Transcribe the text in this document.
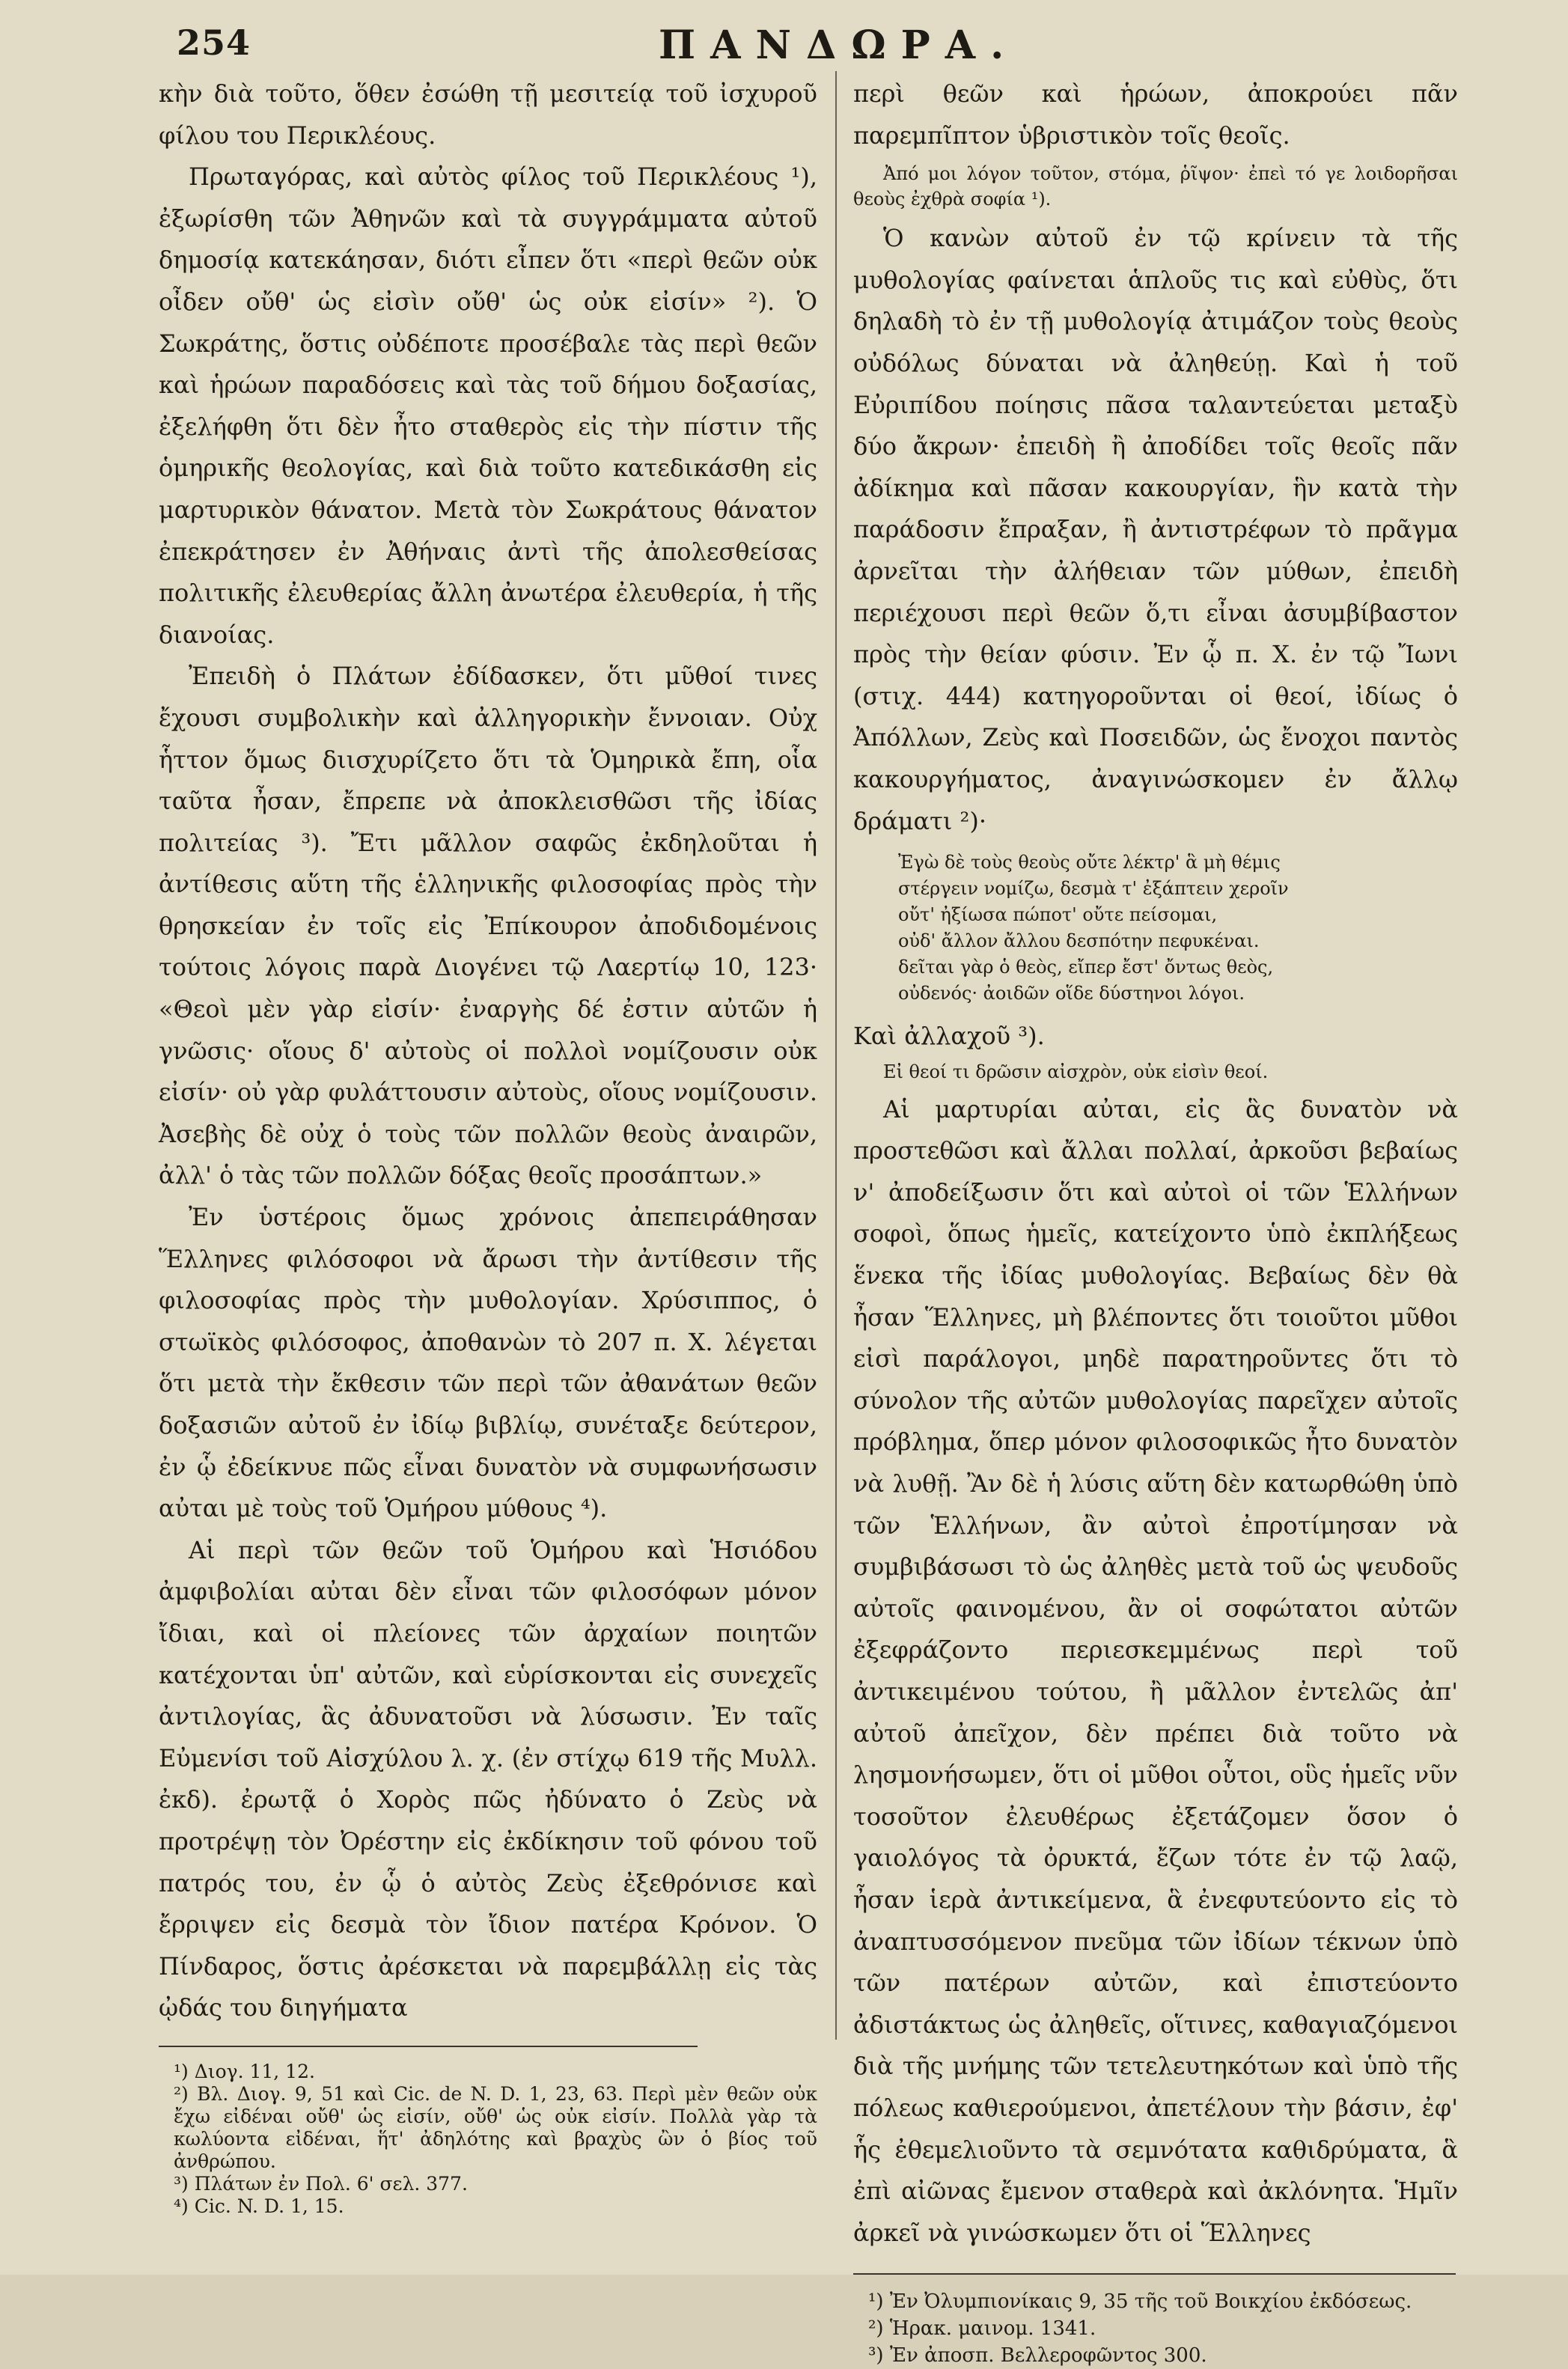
254	ΠΑΝΔΩΡΑ.

κὴν διὰ τοῦτο, ὅθεν ἐσώθη τῇ μεσιτείᾳ τοῦ ἰσχυροῦ φίλου του Περικλέους.

Πρωταγόρας, καὶ αὐτὸς φίλος τοῦ Περικλέους ¹), ἐξωρίσθη τῶν Ἀθηνῶν καὶ τὰ συγγράμματα αὐτοῦ δημοσίᾳ κατεκάησαν, διότι εἶπεν ὅτι «περὶ θεῶν οὐκ οἶδεν οὔθ' ὡς εἰσὶν οὔθ' ὡς οὐκ εἰσίν» ²). Ὁ Σωκράτης, ὅστις οὐδέποτε προσέβαλε τὰς περὶ θεῶν καὶ ἡρώων παραδόσεις καὶ τὰς τοῦ δήμου δοξασίας, ἐξελήφθη ὅτι δὲν ἦτο σταθερὸς εἰς τὴν πίστιν τῆς ὁμηρικῆς θεολογίας, καὶ διὰ τοῦτο κατεδικάσθη εἰς μαρτυρικὸν θάνατον. Μετὰ τὸν Σωκράτους θάνατον ἐπεκράτησεν ἐν Ἀθήναις ἀντὶ τῆς ἀπολεσθείσας πολιτικῆς ἐλευθερίας ἄλλη ἀνωτέρα ἐλευθερία, ἡ τῆς διανοίας.

Ἐπειδὴ ὁ Πλάτων ἐδίδασκεν, ὅτι μῦθοί τινες ἔχουσι συμβολικὴν καὶ ἀλληγορικὴν ἔννοιαν. Οὐχ ἧττον ὅμως διισχυρίζετο ὅτι τὰ Ὁμηρικὰ ἔπη, οἷα ταῦτα ἦσαν, ἔπρεπε νὰ ἀποκλεισθῶσι τῆς ἰδίας πολιτείας ³). Ἔτι μᾶλλον σαφῶς ἐκδηλοῦται ἡ ἀντίθεσις αὕτη τῆς ἑλληνικῆς φιλοσοφίας πρὸς τὴν θρησκείαν ἐν τοῖς εἰς Ἐπίκουρον ἀποδιδομένοις τούτοις λόγοις παρὰ Διογένει τῷ Λαερτίῳ 10, 123· «Θεοὶ μὲν γὰρ εἰσίν· ἐναργὴς δέ ἐστιν αὐτῶν ἡ γνῶσις· οἵους δ' αὐτοὺς οἱ πολλοὶ νομίζουσιν οὐκ εἰσίν· οὐ γὰρ φυλάττουσιν αὐτοὺς, οἵους νομίζουσιν. Ἀσεβὴς δὲ οὐχ ὁ τοὺς τῶν πολλῶν θεοὺς ἀναιρῶν, ἀλλ' ὁ τὰς τῶν πολλῶν δόξας θεοῖς προσάπτων.»

Ἐν ὑστέροις ὅμως χρόνοις ἀπεπειράθησαν Ἕλληνες φιλόσοφοι νὰ ἄρωσι τὴν ἀντίθεσιν τῆς φιλοσοφίας πρὸς τὴν μυθολογίαν. Χρύσιππος, ὁ στωϊκὸς φιλόσοφος, ἀποθανὼν τὸ 207 π. Χ. λέγεται ὅτι μετὰ τὴν ἔκθεσιν τῶν περὶ τῶν ἀθανάτων θεῶν δοξασιῶν αὐτοῦ ἐν ἰδίῳ βιβλίῳ, συνέταξε δεύτερον, ἐν ᾧ ἐδείκνυε πῶς εἶναι δυνατὸν νὰ συμφωνήσωσιν αὐται μὲ τοὺς τοῦ Ὁμήρου μύθους ⁴).

Αἱ περὶ τῶν θεῶν τοῦ Ὁμήρου καὶ Ἡσιόδου ἀμφιβολίαι αὐται δὲν εἶναι τῶν φιλοσόφων μόνον ἴδιαι, καὶ οἱ πλείονες τῶν ἀρχαίων ποιητῶν κατέχονται ὑπ' αὐτῶν, καὶ εὑρίσκονται εἰς συνεχεῖς ἀντιλογίας, ἃς ἀδυνατοῦσι νὰ λύσωσιν. Ἐν ταῖς Εὐμενίσι τοῦ Αἰσχύλου λ. χ. (ἐν στίχῳ 619 τῆς Μυλλ. ἐκδ). ἐρωτᾷ ὁ Χορὸς πῶς ἠδύνατο ὁ Ζεὺς νὰ προτρέψῃ τὸν Ὀρέστην εἰς ἐκδίκησιν τοῦ φόνου τοῦ πατρός του, ἐν ᾧ ὁ αὐτὸς Ζεὺς ἐξεθρόνισε καὶ ἔρριψεν εἰς δεσμὰ τὸν ἴδιον πατέρα Κρόνον. Ὁ Πίνδαρος, ὅστις ἀρέσκεται νὰ παρεμβάλλῃ εἰς τὰς ᾠδάς του διηγήματα

¹) Διογ. 11, 12.

²) Βλ. Διογ. 9, 51 καὶ Cic. de N. D. 1, 23, 63. Περὶ μὲν θεῶν οὐκ ἔχω εἰδέναι οὔθ' ὡς εἰσίν, οὔθ' ὡς οὐκ εἰσίν. Πολλὰ γὰρ τὰ κωλύοντα εἰδέναι, ἥτ' ἀδηλότης καὶ βραχὺς ὢν ὁ βίος τοῦ ἀνθρώπου.

³) Πλάτων ἐν Πολ. 6' σελ. 377.

⁴) Cic. N. D. 1, 15.

περὶ θεῶν καὶ ἡρώων, ἀποκρούει πᾶν παρεμπῖπτον ὑβριστικὸν τοῖς θεοῖς.

Ἀπό μοι λόγον τοῦτον, στόμα, ῥῖψον· ἐπεὶ τό γε λοιδορῆσαι θεοὺς ἐχθρὰ σοφία ¹).

Ὁ κανὼν αὐτοῦ ἐν τῷ κρίνειν τὰ τῆς μυθολογίας φαίνεται ἁπλοῦς τις καὶ εὐθὺς, ὅτι δηλαδὴ τὸ ἐν τῇ μυθολογίᾳ ἀτιμάζον τοὺς θεοὺς οὐδόλως δύναται νὰ ἀληθεύῃ. Καὶ ἡ τοῦ Εὐριπίδου ποίησις πᾶσα ταλαντεύεται μεταξὺ δύο ἄκρων· ἐπειδὴ ἢ ἀποδίδει τοῖς θεοῖς πᾶν ἀδίκημα καὶ πᾶσαν κακουργίαν, ἣν κατὰ τὴν παράδοσιν ἔπραξαν, ἢ ἀντιστρέφων τὸ πρᾶγμα ἀρνεῖται τὴν ἀλήθειαν τῶν μύθων, ἐπειδὴ περιέχουσι περὶ θεῶν ὅ,τι εἶναι ἀσυμβίβαστον πρὸς τὴν θείαν φύσιν. Ἐν ᾧ π. Χ. ἐν τῷ Ἴωνι (στιχ. 444) κατηγοροῦνται οἱ θεοί, ἰδίως ὁ Ἀπόλλων, Ζεὺς καὶ Ποσειδῶν, ὡς ἔνοχοι παντὸς κακουργήματος, ἀναγινώσκομεν ἐν ἄλλῳ δράματι ²)·

Ἐγὼ δὲ τοὺς θεοὺς οὔτε λέκτρ' ἃ μὴ θέμις
στέργειν νομίζω, δεσμὰ τ' ἐξάπτειν χεροῖν
οὔτ' ἠξίωσα πώποτ' οὔτε πείσομαι,
οὐδ' ἄλλον ἄλλου δεσπότην πεφυκέναι.
δεῖται γὰρ ὁ θεὸς, εἴπερ ἔστ' ὄντως θεὸς,
οὐδενός· ἀοιδῶν οἵδε δύστηνοι λόγοι.

Καὶ ἀλλαχοῦ ³).

Εἰ θεοί τι δρῶσιν αἰσχρὸν, οὐκ εἰσὶν θεοί.

Αἱ μαρτυρίαι αὐται, εἰς ἃς δυνατὸν νὰ προστεθῶσι καὶ ἄλλαι πολλαί, ἀρκοῦσι βεβαίως ν' ἀποδείξωσιν ὅτι καὶ αὐτοὶ οἱ τῶν Ἑλλήνων σοφοὶ, ὅπως ἡμεῖς, κατείχοντο ὑπὸ ἐκπλήξεως ἕνεκα τῆς ἰδίας μυθολογίας. Βεβαίως δὲν θὰ ἦσαν Ἕλληνες, μὴ βλέποντες ὅτι τοιοῦτοι μῦθοι εἰσὶ παράλογοι, μηδὲ παρατηροῦντες ὅτι τὸ σύνολον τῆς αὐτῶν μυθολογίας παρεῖχεν αὐτοῖς πρόβλημα, ὅπερ μόνον φιλοσοφικῶς ἦτο δυνατὸν νὰ λυθῇ. Ἂν δὲ ἡ λύσις αὕτη δὲν κατωρθώθη ὑπὸ τῶν Ἑλλήνων, ἂν αὐτοὶ ἐπροτίμησαν νὰ συμβιβάσωσι τὸ ὡς ἀληθὲς μετὰ τοῦ ὡς ψευδοῦς αὐτοῖς φαινομένου, ἂν οἱ σοφώτατοι αὐτῶν ἐξεφράζοντο περιεσκεμμένως περὶ τοῦ ἀντικειμένου τούτου, ἢ μᾶλλον ἐντελῶς ἀπ' αὐτοῦ ἀπεῖχον, δὲν πρέπει διὰ τοῦτο νὰ λησμονήσωμεν, ὅτι οἱ μῦθοι οὗτοι, οὓς ἡμεῖς νῦν τοσοῦτον ἐλευθέρως ἐξετάζομεν ὅσον ὁ γαιολόγος τὰ ὀρυκτά, ἔζων τότε ἐν τῷ λαῷ, ἦσαν ἱερὰ ἀντικείμενα, ἃ ἐνεφυτεύοντο εἰς τὸ ἀναπτυσσόμενον πνεῦμα τῶν ἰδίων τέκνων ὑπὸ τῶν πατέρων αὐτῶν, καὶ ἐπιστεύοντο ἀδιστάκτως ὡς ἀληθεῖς, οἵτινες, καθαγιαζόμενοι διὰ τῆς μνήμης τῶν τετελευτηκότων καὶ ὑπὸ τῆς πόλεως καθιερούμενοι, ἀπετέλουν τὴν βάσιν, ἐφ' ἧς ἐθεμελιοῦντο τὰ σεμνότατα καθιδρύματα, ἃ ἐπὶ αἰῶνας ἔμενον σταθερὰ καὶ ἀκλόνητα. Ἡμῖν ἀρκεῖ νὰ γινώσκωμεν ὅτι οἱ Ἕλληνες

¹) Ἐν Ὀλυμπιονίκαις 9, 35 τῆς τοῦ Βοικχίου ἐκδόσεως.

²) Ἡρακ. μαινομ. 1341.

³) Ἐν ἀποσπ. Βελλεροφῶντος 300.
